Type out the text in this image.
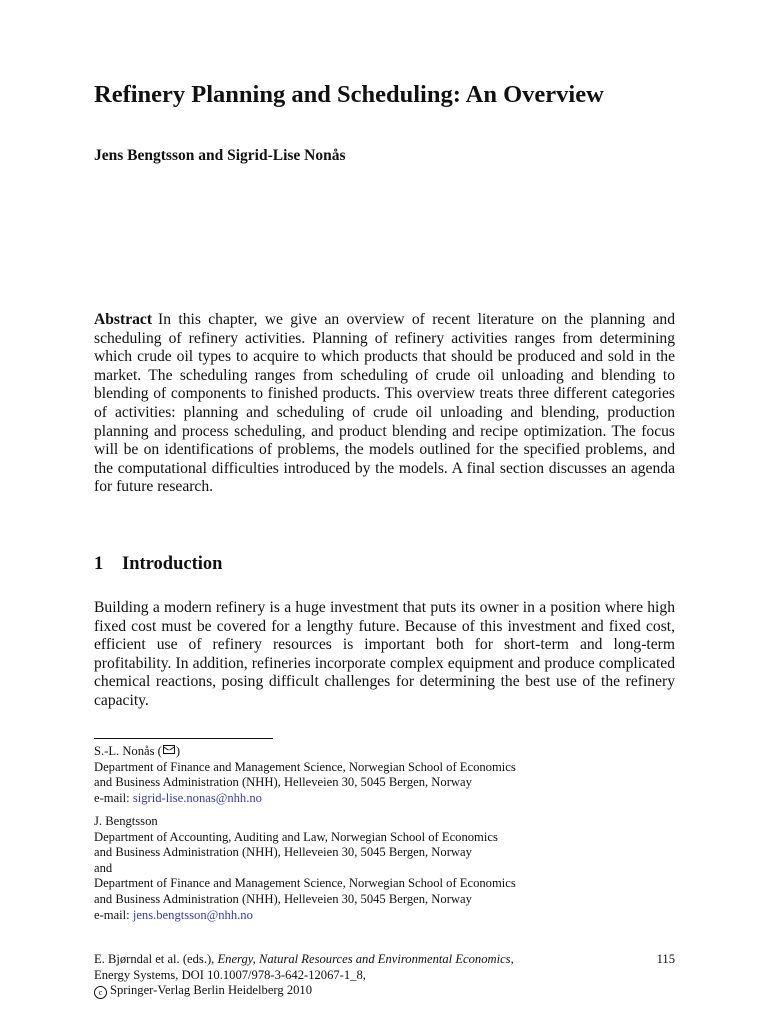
Refinery Planning and Scheduling: An Overview
Jens Bengtsson and Sigrid-Lise Nonås
Abstract In this chapter, we give an overview of recent literature on the planning and scheduling of refinery activities. Planning of refinery activities ranges from determining which crude oil types to acquire to which products that should be produced and sold in the market. The scheduling ranges from scheduling of crude oil unloading and blending to blending of components to finished products. This overview treats three different categories of activities: planning and scheduling of crude oil unloading and blending, production planning and process scheduling, and product blending and recipe optimization. The focus will be on identifications of problems, the models outlined for the specified problems, and the computational difficulties introduced by the models. A final section discusses an agenda for future research.
1 Introduction
Building a modern refinery is a huge investment that puts its owner in a position where high fixed cost must be covered for a lengthy future. Because of this investment and fixed cost, efficient use of refinery resources is important both for short-term and long-term profitability. In addition, refineries incorporate complex equipment and produce complicated chemical reactions, posing difficult challenges for determining the best use of the refinery capacity.
S.-L. Nonås ( )
Department of Finance and Management Science, Norwegian School of Economics
and Business Administration (NHH), Helleveien 30, 5045 Bergen, Norway
e-mail: sigrid-lise.nonas@nhh.no
J. Bengtsson
Department of Accounting, Auditing and Law, Norwegian School of Economics
and Business Administration (NHH), Helleveien 30, 5045 Bergen, Norway
and
Department of Finance and Management Science, Norwegian School of Economics
and Business Administration (NHH), Helleveien 30, 5045 Bergen, Norway
e-mail: jens.bengtsson@nhh.no
E. Bjørndal et al. (eds.), Energy, Natural Resources and Environmental Economics,
Energy Systems, DOI 10.1007/978-3-642-12067-1_8,
c Springer-Verlag Berlin Heidelberg 2010
115
